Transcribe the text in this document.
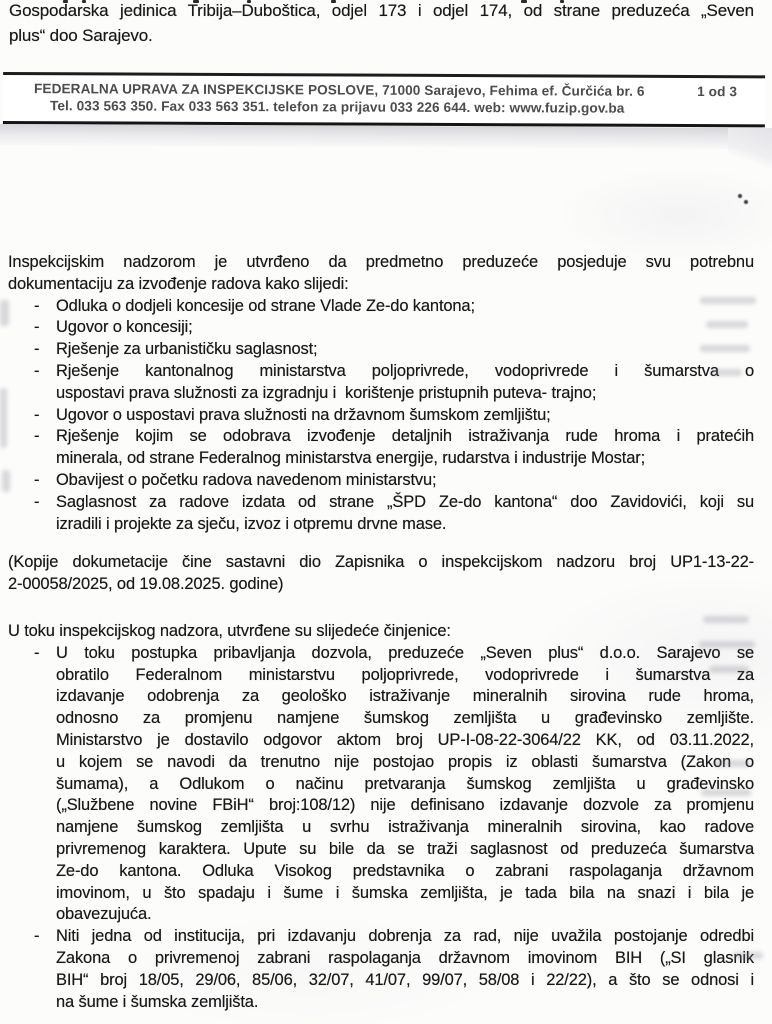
Gospodarska jedinica Tribija–Duboštica, odjel 173 i odjel 174, od strane preduzeća „Seven
plus“ doo Sarajevo.
FEDERALNA UPRAVA ZA INSPEKCIJSKE POSLOVE, 71000 Sarajevo, Fehima ef. Čurčića br. 6	1 od 3
Tel. 033 563 350. Fax 033 563 351. telefon za prijavu 033 226 644. web: www.fuzip.gov.ba
Inspekcijskim nadzorom je utvrđeno da predmetno preduzeće posjeduje svu potrebnu
dokumentaciju za izvođenje radova kako slijedi:
- Odluka o dodjeli koncesije od strane Vlade Ze-do kantona;
- Ugovor o koncesiji;
- Rješenje za urbanističku saglasnost;
- Rješenje kantonalnog ministarstva poljoprivrede, vodoprivrede i šumarstva o
uspostavi prava služnosti za izgradnju i  korištenje pristupnih puteva- trajno;
- Ugovor o uspostavi prava služnosti na državnom šumskom zemljištu;
- Rješenje kojim se odobrava izvođenje detaljnih istraživanja rude hroma i pratećih
minerala, od strane Federalnog ministarstva energije, rudarstva i industrije Mostar;
- Obavijest o početku radova navedenom ministarstvu;
- Saglasnost za radove izdata od strane „ŠPD Ze-do kantona“ doo Zavidovići, koji su
izradili i projekte za sječu, izvoz i otpremu drvne mase.
(Kopije dokumetacije čine sastavni dio Zapisnika o inspekcijskom nadzoru broj UP1-13-22-
2-00058/2025, od 19.08.2025. godine)
U toku inspekcijskog nadzora, utvrđene su slijedeće činjenice:
- U toku postupka pribavljanja dozvola, preduzeće „Seven plus“ d.o.o. Sarajevo se
obratilo Federalnom ministarstvu poljoprivrede, vodoprivrede i šumarstva za
izdavanje odobrenja za geološko istraživanje mineralnih sirovina rude hroma,
odnosno za promjenu namjene šumskog zemljišta u građevinsko zemljište.
Ministarstvo je dostavilo odgovor aktom broj UP-I-08-22-3064/22 KK, od 03.11.2022,
u kojem se navodi da trenutno nije postojao propis iz oblasti šumarstva (Zakon o
šumama), a Odlukom o načinu pretvaranja šumskog zemljišta u građevinsko
(„Službene novine FBiH“ broj:108/12) nije definisano izdavanje dozvole za promjenu
namjene šumskog zemljišta u svrhu istraživanja mineralnih sirovina, kao radove
privremenog karaktera. Upute su bile da se traži saglasnost od preduzeća šumarstva
Ze-do kantona. Odluka Visokog predstavnika o zabrani raspolaganja državnom
imovinom, u što spadaju i šume i šumska zemljišta, je tada bila na snazi i bila je
obavezujuća.
- Niti jedna od institucija, pri izdavanju dobrenja za rad, nije uvažila postojanje odredbi
Zakona o privremenoj zabrani raspolaganja državnom imovinom BIH („SI glasnik
BIH“ broj 18/05, 29/06, 85/06, 32/07, 41/07, 99/07, 58/08 i 22/22), a što se odnosi i
na šume i šumska zemljišta.
